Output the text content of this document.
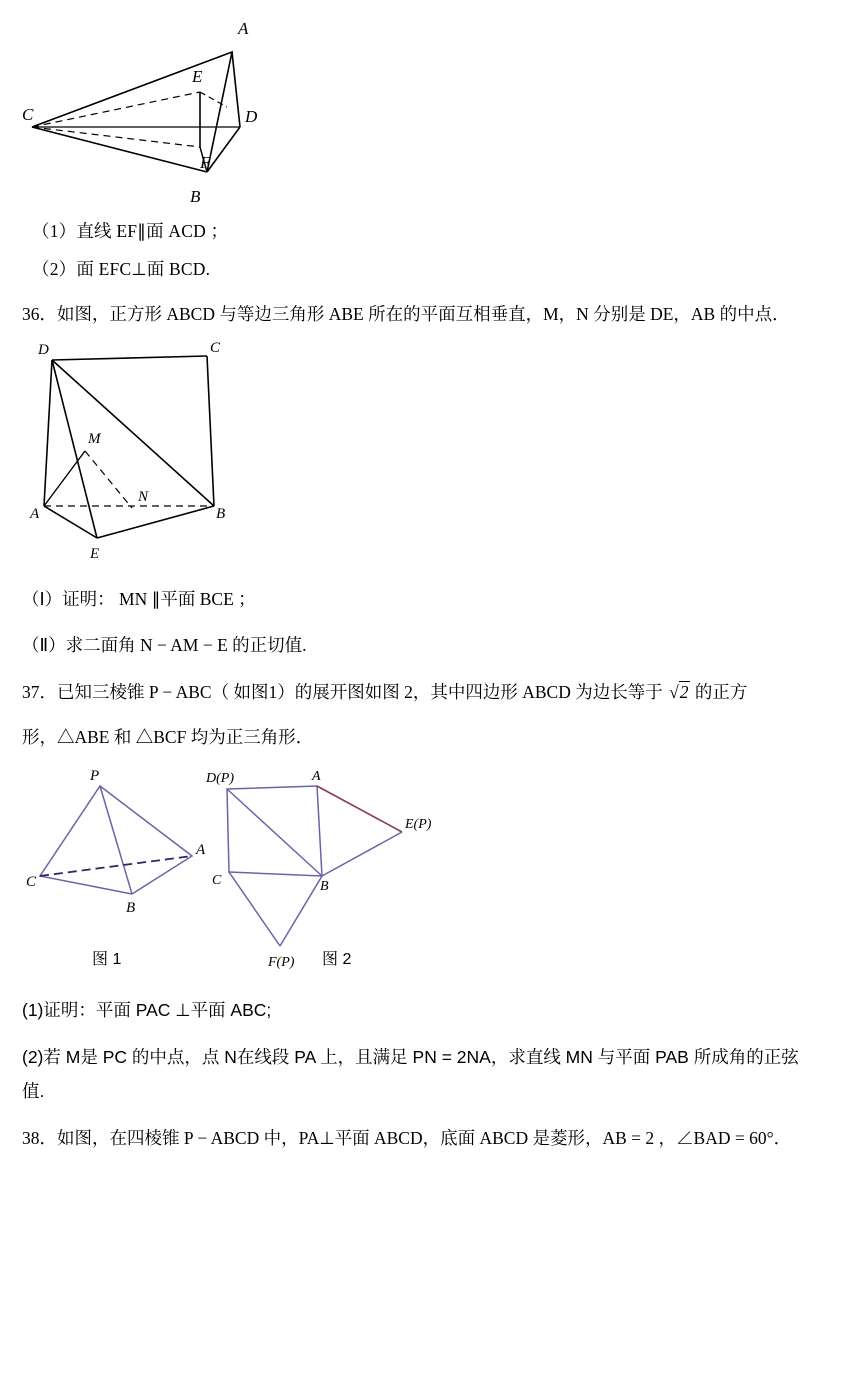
A
E
C	D
F
B

（1）直线 EF∥面 ACD ；

（2）面 EFC⊥面 BCD.

36．如图，正方形 ABCD 与等边三角形 ABE 所在的平面互相垂直，M，N 分别是 DE，AB 的中点．

D	C
M
N
A	B
E

（Ⅰ）证明： MN ∥平面 BCE ；

（Ⅱ）求二面角 N − AM − E 的正切值.

37．已知三棱锥 P − ABC（ 如图1）的展开图如图 2，其中四边形 ABCD 为边长等于 √2 的正方

形，△ABE 和 △BCF 均为正三角形．

P
A
C
B
D(P)	A
E(P)
C	B
F(P)
图 1	图 2

(1)证明：平面 PAC ⊥平面 ABC;

(2)若 M是 PC 的中点，点 N在线段 PA 上，且满足 PN = 2NA，求直线 MN 与平面 PAB 所成角的正弦

值.

38．如图，在四棱锥 P − ABCD 中，PA⊥平面 ABCD，底面 ABCD 是菱形，AB = 2 ，∠BAD = 60°．
